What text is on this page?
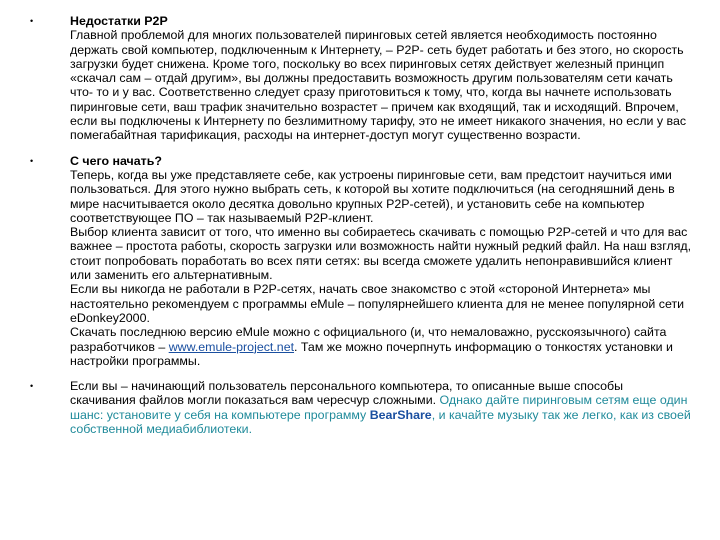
•	Недостатки P2P
Главной проблемой для многих пользователей пиринговых сетей является необходимость постоянно держать свой компьютер, подключенным к Интернету, – P2P- сеть будет работать и без этого, но скорость загрузки будет снижена. Кроме того, поскольку во всех пиринговых сетях действует железный принцип «скачал сам – отдай другим», вы должны предоставить возможность другим пользователям сети качать что- то и у вас. Соответственно следует сразу приготовиться к тому, что, когда вы начнете использовать пиринговые сети, ваш трафик значительно возрастет – причем как входящий, так и исходящий. Впрочем, если вы подключены к Интернету по безлимитному тарифу, это не имеет никакого значения, но если у вас помегабайтная тарификация, расходы на интернет-доступ могут существенно возрасти.
•	С чего начать?
Теперь, когда вы уже представляете себе, как устроены пиринговые сети, вам предстоит научиться ими пользоваться. Для этого нужно выбрать сеть, к которой вы хотите подключиться (на сегодняшний день в мире насчитывается около десятка довольно крупных P2P-сетей), и установить себе на компьютер соответствующее ПО – так называемый P2P-клиент.
Выбор клиента зависит от того, что именно вы собираетесь скачивать с помощью P2P-сетей и что для вас важнее – простота работы, скорость загрузки или возможность найти нужный редкий файл. На наш взгляд, стоит попробовать поработать во всех пяти сетях: вы всегда сможете удалить непонравившийся клиент или заменить его альтернативным.
Если вы никогда не работали в P2P-сетях, начать свое знакомство с этой «стороной Интернета» мы настоятельно рекомендуем с программы eMule – популярнейшего клиента для не менее популярной сети eDonkey2000.
Скачать последнюю версию eMule можно с официального (и, что немаловажно, русскоязычного) сайта разработчиков – www.emule-project.net. Там же можно почерпнуть информацию о тонкостях установки и настройки программы.
•	Если вы – начинающий пользователь персонального компьютера, то описанные выше способы скачивания файлов могли показаться вам чересчур сложными. Однако дайте пиринговым сетям еще один шанс: установите у себя на компьютере программу BearShare, и качайте музыку так же легко, как из своей собственной медиабиблиотеки.
